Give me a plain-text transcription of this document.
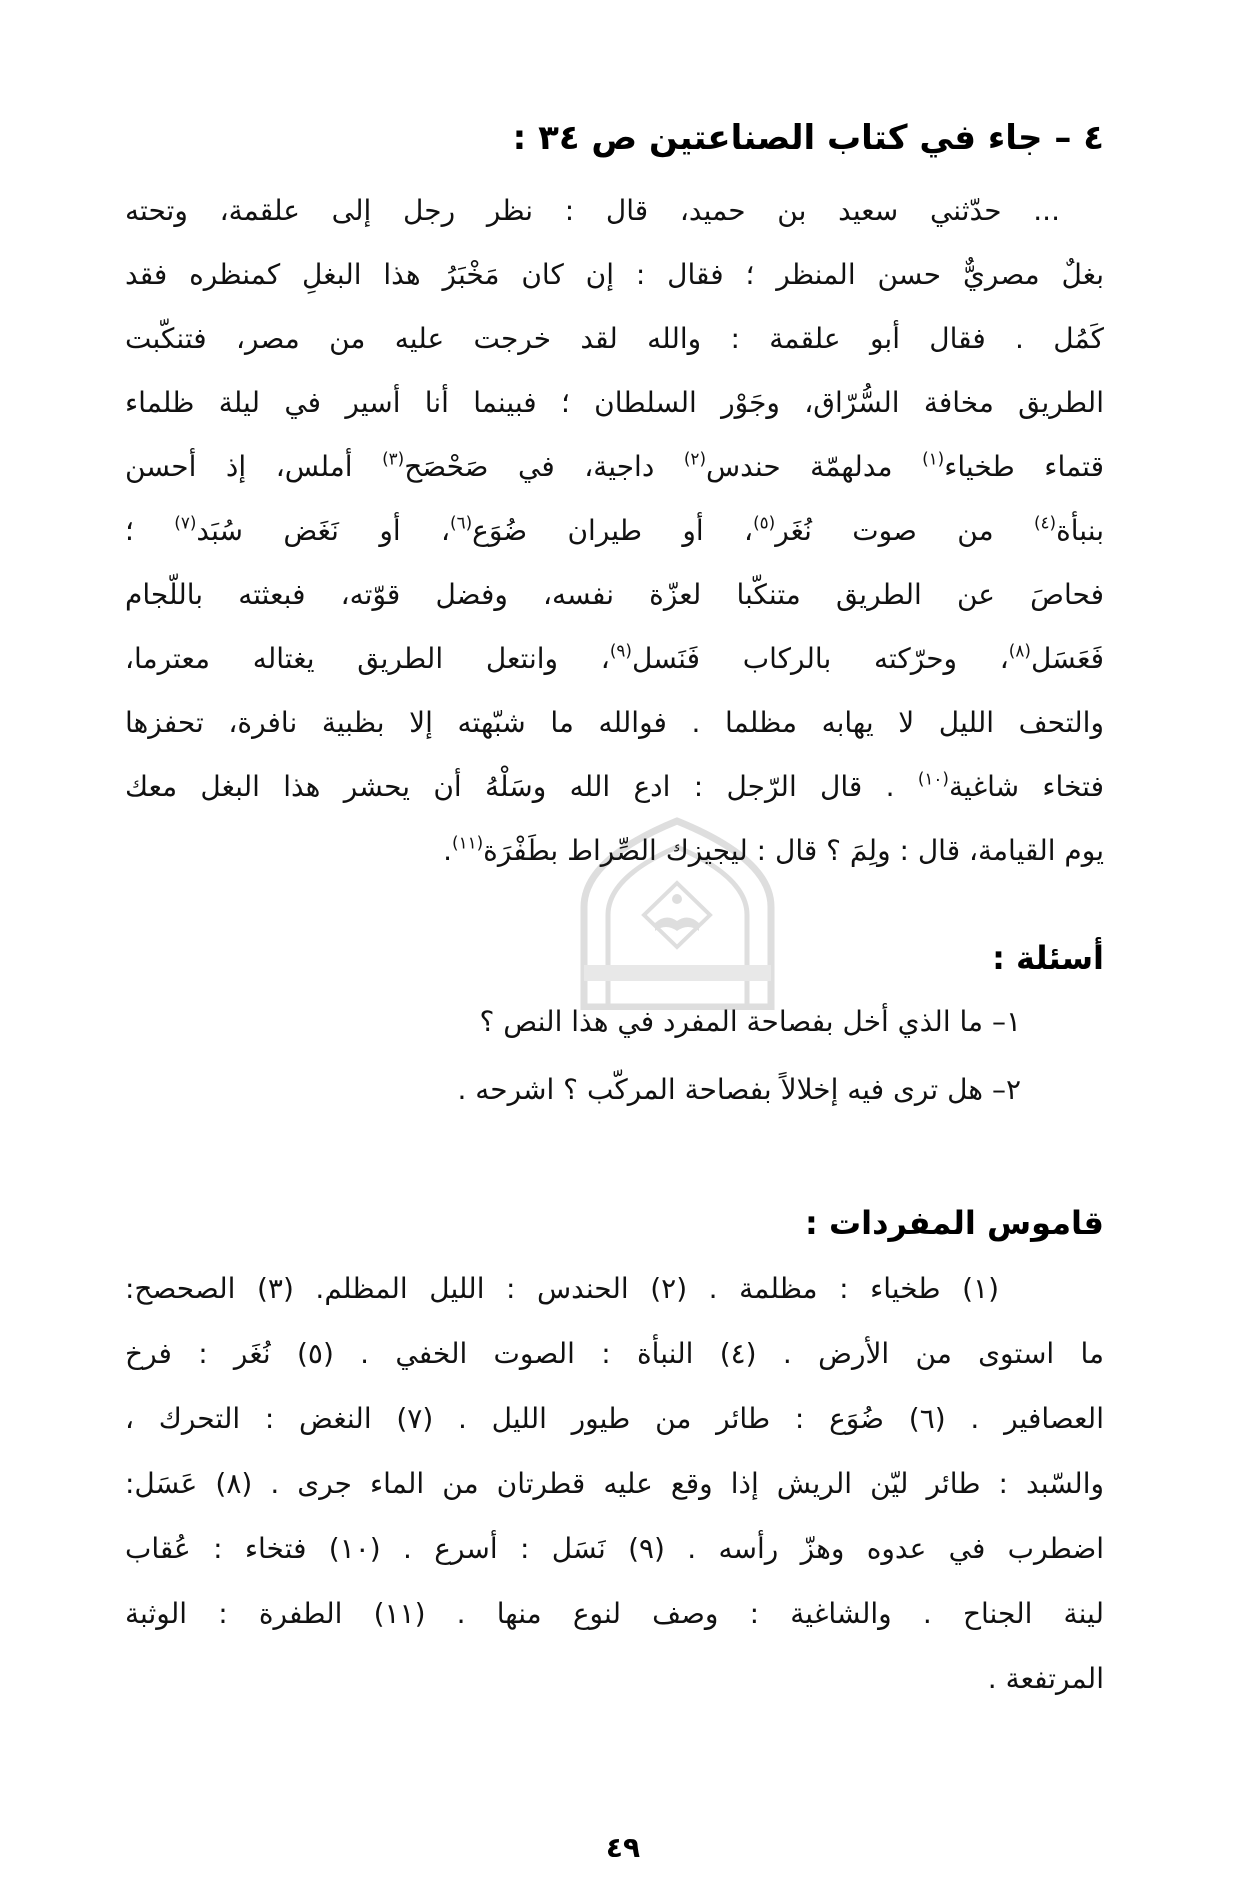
٤ – جاء في كتاب الصناعتين ص ٣٤ :
... حدّثني سعيد بن حميد، قال : نظر رجل إلى علقمة، وتحته
بغلٌ مصريٌّ حسن المنظر ؛ فقال : إن كان مَخْبَرُ هذا البغلِ كمنظره فقد
كَمُل . فقال أبو علقمة : والله لقد خرجت عليه من مصر، فتنكّبت
الطريق مخافة السُّرّاق، وجَوْر السلطان ؛ فبينما أنا أسير في ليلة ظلماء
قتماء طخياء$^{(١)}$ مدلهمّة حندس$^{(٢)}$ داجية، في صَحْصَح$^{(٣)}$ أملس، إذ أحسن
بنبأة$^{(٤)}$ من صوت نُغَر$^{(٥)}$، أو طيران ضُوَع$^{(٦)}$، أو نَغَض سُبَد$^{(٧)}$ ؛
فحاصَ عن الطريق متنكّبا لعزّة نفسه، وفضل قوّته، فبعثته باللّجام
فَعَسَل$^{(٨)}$، وحرّكته بالركاب فَنَسل$^{(٩)}$، وانتعل الطريق يغتاله معترما،
والتحف الليل لا يهابه مظلما . فوالله ما شبّهته إلا بظبية نافرة، تحفزها
فتخاء شاغية$^{(١٠)}$ . قال الرّجل : ادع الله وسَلْهُ أن يحشر هذا البغل معك
يوم القيامة، قال : ولِمَ ؟ قال : ليجيزك الصِّراط بطَفْرَة$^{(١١)}$.
أسئلة :
١– ما الذي أخل بفصاحة المفرد في هذا النص ؟
٢– هل ترى فيه إخلالاً بفصاحة المركّب ؟ اشرحه .
قاموس المفردات :
(١) طخياء : مظلمة . (٢) الحندس : الليل المظلم. (٣) الصحصح:
ما استوى من الأرض . (٤) النبأة : الصوت الخفي . (٥) نُغَر : فرخ
العصافير . (٦) ضُوَع : طائر من طيور الليل . (٧) النغض : التحرك ،
والسّبد : طائر ليّن الريش إذا وقع عليه قطرتان من الماء جرى . (٨) عَسَل:
اضطرب في عدوه وهزّ رأسه . (٩) نَسَل : أسرع . (١٠) فتخاء : عُقاب
لينة الجناح . والشاغية : وصف لنوع منها . (١١) الطفرة : الوثبة
المرتفعة .
٤٩
